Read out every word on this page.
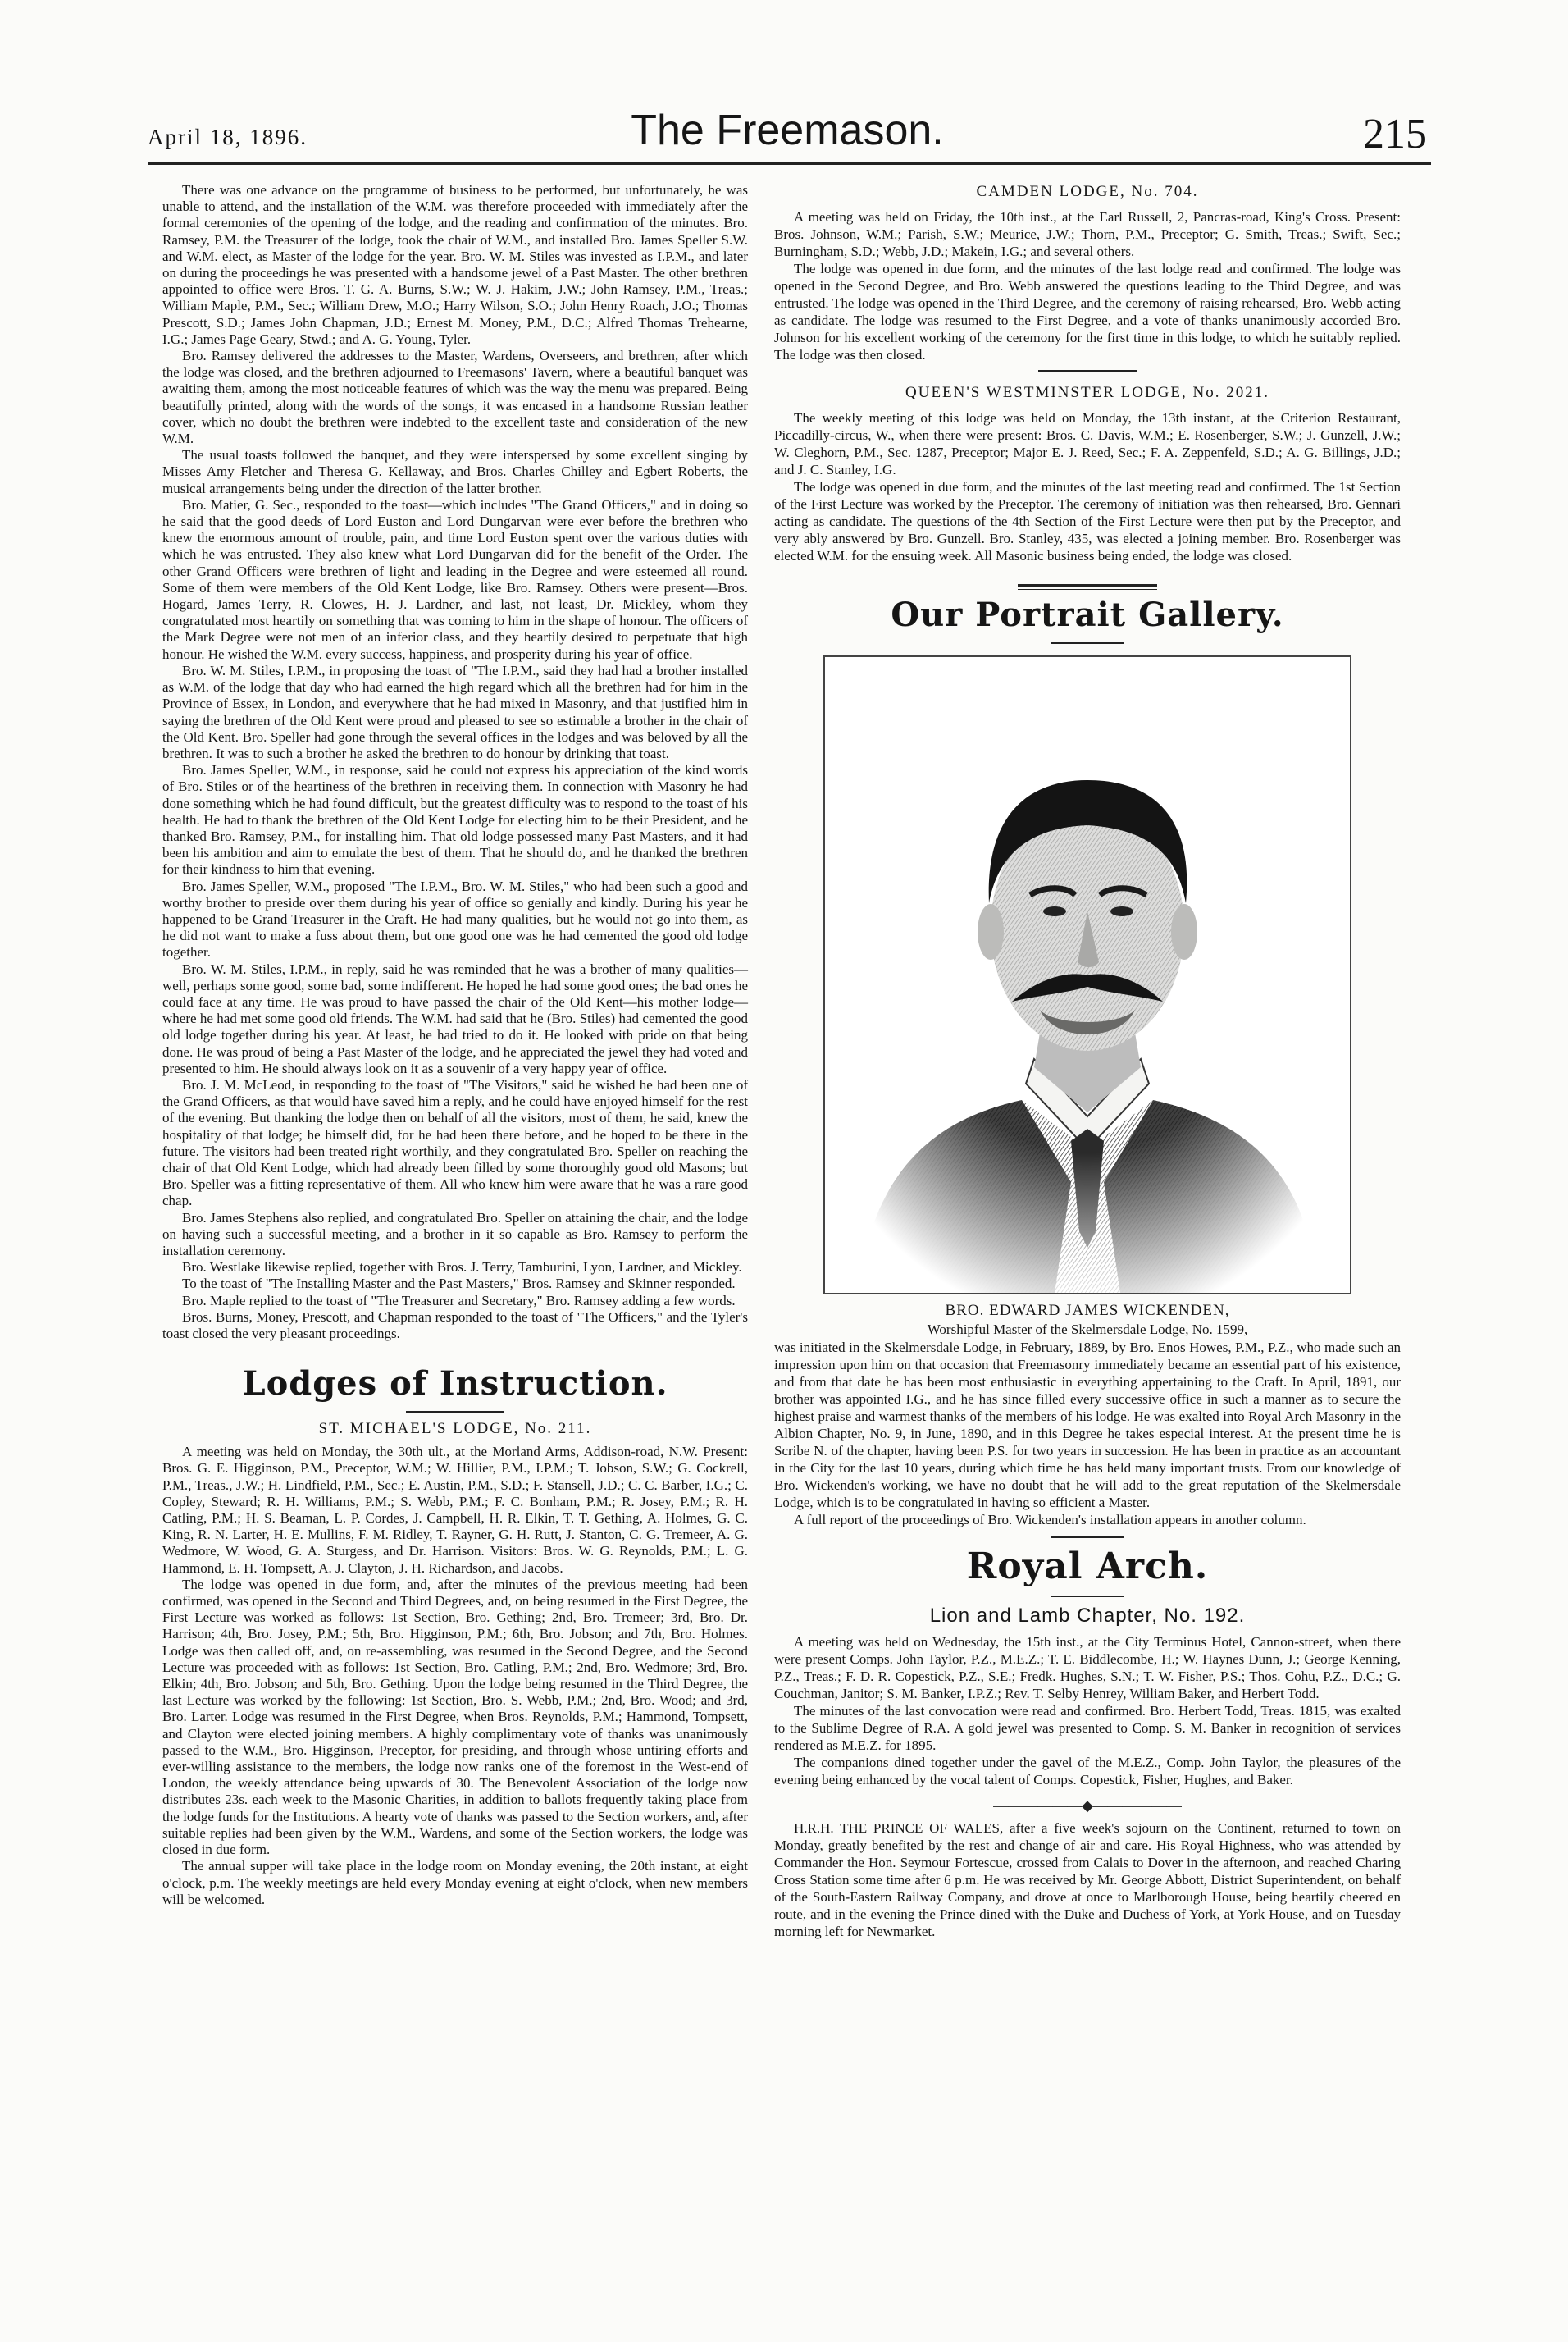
April 18, 1896.	The Freemason.	215

There was one advance on the programme of business to be performed, but unfortunately, he was unable to attend, and the installation of the W.M. was therefore proceeded with immediately after the formal ceremonies of the opening of the lodge, and the reading and confirmation of the minutes. Bro. Ramsey, P.M. the Treasurer of the lodge, took the chair of W.M., and installed Bro. James Speller S.W. and W.M. elect, as Master of the lodge for the year. Bro. W. M. Stiles was invested as I.P.M., and later on during the proceedings he was presented with a handsome jewel of a Past Master. The other brethren appointed to office were Bros. T. G. A. Burns, S.W.; W. J. Hakim, J.W.; John Ramsey, P.M., Treas.; William Maple, P.M., Sec.; William Drew, M.O.; Harry Wilson, S.O.; John Henry Roach, J.O.; Thomas Prescott, S.D.; James John Chapman, J.D.; Ernest M. Money, P.M., D.C.; Alfred Thomas Trehearne, I.G.; James Page Geary, Stwd.; and A. G. Young, Tyler.

Bro. Ramsey delivered the addresses to the Master, Wardens, Overseers, and brethren, after which the lodge was closed, and the brethren adjourned to Freemasons' Tavern, where a beautiful banquet was awaiting them, among the most noticeable features of which was the way the menu was prepared. Being beautifully printed, along with the words of the songs, it was encased in a handsome Russian leather cover, which no doubt the brethren were indebted to the excellent taste and consideration of the new W.M.

The usual toasts followed the banquet, and they were interspersed by some excellent singing by Misses Amy Fletcher and Theresa G. Kellaway, and Bros. Charles Chilley and Egbert Roberts, the musical arrangements being under the direction of the latter brother.

Bro. Matier, G. Sec., responded to the toast—which includes "The Grand Officers," and in doing so he said that the good deeds of Lord Euston and Lord Dungarvan were ever before the brethren who knew the enormous amount of trouble, pain, and time Lord Euston spent over the various duties with which he was entrusted. They also knew what Lord Dungarvan did for the benefit of the Order. The other Grand Officers were brethren of light and leading in the Degree and were esteemed all round. Some of them were members of the Old Kent Lodge, like Bro. Ramsey. Others were present—Bros. Hogard, James Terry, R. Clowes, H. J. Lardner, and last, not least, Dr. Mickley, whom they congratulated most heartily on something that was coming to him in the shape of honour. The officers of the Mark Degree were not men of an inferior class, and they heartily desired to perpetuate that high honour. He wished the W.M. every success, happiness, and prosperity during his year of office.

Bro. W. M. Stiles, I.P.M., in proposing the toast of "The I.P.M., said they had had a brother installed as W.M. of the lodge that day who had earned the high regard which all the brethren had for him in the Province of Essex, in London, and everywhere that he had mixed in Masonry, and that justified him in saying the brethren of the Old Kent were proud and pleased to see so estimable a brother in the chair of the Old Kent. Bro. Speller had gone through the several offices in the lodges and was beloved by all the brethren. It was to such a brother he asked the brethren to do honour by drinking that toast.

Bro. James Speller, W.M., in response, said he could not express his appreciation of the kind words of Bro. Stiles or of the heartiness of the brethren in receiving them. In connection with Masonry he had done something which he had found difficult, but the greatest difficulty was to respond to the toast of his health. He had to thank the brethren of the Old Kent Lodge for electing him to be their President, and he thanked Bro. Ramsey, P.M., for installing him. That old lodge possessed many Past Masters, and it had been his ambition and aim to emulate the best of them. That he should do, and he thanked the brethren for their kindness to him that evening.

Bro. James Speller, W.M., proposed "The I.P.M., Bro. W. M. Stiles," who had been such a good and worthy brother to preside over them during his year of office so genially and kindly. During his year he happened to be Grand Treasurer in the Craft. He had many qualities, but he would not go into them, as he did not want to make a fuss about them, but one good one was he had cemented the good old lodge together.

Bro. W. M. Stiles, I.P.M., in reply, said he was reminded that he was a brother of many qualities—well, perhaps some good, some bad, some indifferent. He hoped he had some good ones; the bad ones he could face at any time. He was proud to have passed the chair of the Old Kent—his mother lodge—where he had met some good old friends. The W.M. had said that he (Bro. Stiles) had cemented the good old lodge together during his year. At least, he had tried to do it. He looked with pride on that being done. He was proud of being a Past Master of the lodge, and he appreciated the jewel they had voted and presented to him. He should always look on it as a souvenir of a very happy year of office.

Bro. J. M. McLeod, in responding to the toast of "The Visitors," said he wished he had been one of the Grand Officers, as that would have saved him a reply, and he could have enjoyed himself for the rest of the evening. But thanking the lodge then on behalf of all the visitors, most of them, he said, knew the hospitality of that lodge; he himself did, for he had been there before, and he hoped to be there in the future. The visitors had been treated right worthily, and they congratulated Bro. Speller on reaching the chair of that Old Kent Lodge, which had already been filled by some thoroughly good old Masons; but Bro. Speller was a fitting representative of them. All who knew him were aware that he was a rare good chap.

Bro. James Stephens also replied, and congratulated Bro. Speller on attaining the chair, and the lodge on having such a successful meeting, and a brother in it so capable as Bro. Ramsey to perform the installation ceremony.

Bro. Westlake likewise replied, together with Bros. J. Terry, Tamburini, Lyon, Lardner, and Mickley.

To the toast of "The Installing Master and the Past Masters," Bros. Ramsey and Skinner responded.

Bro. Maple replied to the toast of "The Treasurer and Secretary," Bro. Ramsey adding a few words.

Bros. Burns, Money, Prescott, and Chapman responded to the toast of "The Officers," and the Tyler's toast closed the very pleasant proceedings.

Lodges of Instruction.
ST. MICHAEL'S LODGE, No. 211.

A meeting was held on Monday, the 30th ult., at the Morland Arms, Addison-road, N.W. Present: Bros. G. E. Higginson, P.M., Preceptor, W.M.; W. Hillier, P.M., I.P.M.; T. Jobson, S.W.; G. Cockrell, P.M., Treas., J.W.; H. Lindfield, P.M., Sec.; E. Austin, P.M., S.D.; F. Stansell, J.D.; C. C. Barber, I.G.; C. Copley, Steward; R. H. Williams, P.M.; S. Webb, P.M.; F. C. Bonham, P.M.; R. Josey, P.M.; R. H. Catling, P.M.; H. S. Beaman, L. P. Cordes, J. Campbell, H. R. Elkin, T. T. Gething, A. Holmes, G. C. King, R. N. Larter, H. E. Mullins, F. M. Ridley, T. Rayner, G. H. Rutt, J. Stanton, C. G. Tremeer, A. G. Wedmore, W. Wood, G. A. Sturgess, and Dr. Harrison. Visitors: Bros. W. G. Reynolds, P.M.; L. G. Hammond, E. H. Tompsett, A. J. Clayton, J. H. Richardson, and Jacobs.

The lodge was opened in due form, and, after the minutes of the previous meeting had been confirmed, was opened in the Second and Third Degrees, and, on being resumed in the First Degree, the First Lecture was worked as follows: 1st Section, Bro. Gething; 2nd, Bro. Tremeer; 3rd, Bro. Dr. Harrison; 4th, Bro. Josey, P.M.; 5th, Bro. Higginson, P.M.; 6th, Bro. Jobson; and 7th, Bro. Holmes. Lodge was then called off, and, on re-assembling, was resumed in the Second Degree, and the Second Lecture was proceeded with as follows: 1st Section, Bro. Catling, P.M.; 2nd, Bro. Wedmore; 3rd, Bro. Elkin; 4th, Bro. Jobson; and 5th, Bro. Gething. Upon the lodge being resumed in the Third Degree, the last Lecture was worked by the following: 1st Section, Bro. S. Webb, P.M.; 2nd, Bro. Wood; and 3rd, Bro. Larter. Lodge was resumed in the First Degree, when Bros. Reynolds, P.M.; Hammond, Tompsett, and Clayton were elected joining members. A highly complimentary vote of thanks was unanimously passed to the W.M., Bro. Higginson, Preceptor, for presiding, and through whose untiring efforts and ever-willing assistance to the members, the lodge now ranks one of the foremost in the West-end of London, the weekly attendance being upwards of 30. The Benevolent Association of the lodge now distributes 23s. each week to the Masonic Charities, in addition to ballots frequently taking place from the lodge funds for the Institutions. A hearty vote of thanks was passed to the Section workers, and, after suitable replies had been given by the W.M., Wardens, and some of the Section workers, the lodge was closed in due form.

The annual supper will take place in the lodge room on Monday evening, the 20th instant, at eight o'clock, p.m. The weekly meetings are held every Monday evening at eight o'clock, when new members will be welcomed.

CAMDEN LODGE, No. 704.

A meeting was held on Friday, the 10th inst., at the Earl Russell, 2, Pancras-road, King's Cross. Present: Bros. Johnson, W.M.; Parish, S.W.; Meurice, J.W.; Thorn, P.M., Preceptor; G. Smith, Treas.; Swift, Sec.; Burningham, S.D.; Webb, J.D.; Makein, I.G.; and several others.

The lodge was opened in due form, and the minutes of the last lodge read and confirmed. The lodge was opened in the Second Degree, and Bro. Webb answered the questions leading to the Third Degree, and was entrusted. The lodge was opened in the Third Degree, and the ceremony of raising rehearsed, Bro. Webb acting as candidate. The lodge was resumed to the First Degree, and a vote of thanks unanimously accorded Bro. Johnson for his excellent working of the ceremony for the first time in this lodge, to which he suitably replied. The lodge was then closed.

QUEEN'S WESTMINSTER LODGE, No. 2021.

The weekly meeting of this lodge was held on Monday, the 13th instant, at the Criterion Restaurant, Piccadilly-circus, W., when there were present: Bros. C. Davis, W.M.; E. Rosenberger, S.W.; J. Gunzell, J.W.; W. Cleghorn, P.M., Sec. 1287, Preceptor; Major E. J. Reed, Sec.; F. A. Zeppenfeld, S.D.; A. G. Billings, J.D.; and J. C. Stanley, I.G.

The lodge was opened in due form, and the minutes of the last meeting read and confirmed. The 1st Section of the First Lecture was worked by the Preceptor. The ceremony of initiation was then rehearsed, Bro. Gennari acting as candidate. The questions of the 4th Section of the First Lecture were then put by the Preceptor, and very ably answered by Bro. Gunzell. Bro. Stanley, 435, was elected a joining member. Bro. Rosenberger was elected W.M. for the ensuing week. All Masonic business being ended, the lodge was closed.

Our Portrait Gallery.
BRO. EDWARD JAMES WICKENDEN,
Worshipful Master of the Skelmersdale Lodge, No. 1599,

was initiated in the Skelmersdale Lodge, in February, 1889, by Bro. Enos Howes, P.M., P.Z., who made such an impression upon him on that occasion that Freemasonry immediately became an essential part of his existence, and from that date he has been most enthusiastic in everything appertaining to the Craft. In April, 1891, our brother was appointed I.G., and he has since filled every successive office in such a manner as to secure the highest praise and warmest thanks of the members of his lodge. He was exalted into Royal Arch Masonry in the Albion Chapter, No. 9, in June, 1890, and in this Degree he takes especial interest. At the present time he is Scribe N. of the chapter, having been P.S. for two years in succession. He has been in practice as an accountant in the City for the last 10 years, during which time he has held many important trusts. From our knowledge of Bro. Wickenden's working, we have no doubt that he will add to the great reputation of the Skelmersdale Lodge, which is to be congratulated in having so efficient a Master.

A full report of the proceedings of Bro. Wickenden's installation appears in another column.

Royal Arch.
Lion and Lamb Chapter, No. 192.

A meeting was held on Wednesday, the 15th inst., at the City Terminus Hotel, Cannon-street, when there were present Comps. John Taylor, P.Z., M.E.Z.; T. E. Biddlecombe, H.; W. Haynes Dunn, J.; George Kenning, P.Z., Treas.; F. D. R. Copestick, P.Z., S.E.; Fredk. Hughes, S.N.; T. W. Fisher, P.S.; Thos. Cohu, P.Z., D.C.; G. Couchman, Janitor; S. M. Banker, I.P.Z.; Rev. T. Selby Henrey, William Baker, and Herbert Todd.

The minutes of the last convocation were read and confirmed. Bro. Herbert Todd, Treas. 1815, was exalted to the Sublime Degree of R.A. A gold jewel was presented to Comp. S. M. Banker in recognition of services rendered as M.E.Z. for 1895.

The companions dined together under the gavel of the M.E.Z., Comp. John Taylor, the pleasures of the evening being enhanced by the vocal talent of Comps. Copestick, Fisher, Hughes, and Baker.

——————◆——————

H.R.H. THE PRINCE OF WALES, after a five week's sojourn on the Continent, returned to town on Monday, greatly benefited by the rest and change of air and care. His Royal Highness, who was attended by Commander the Hon. Seymour Fortescue, crossed from Calais to Dover in the afternoon, and reached Charing Cross Station some time after 6 p.m. He was received by Mr. George Abbott, District Superintendent, on behalf of the South-Eastern Railway Company, and drove at once to Marlborough House, being heartily cheered en route, and in the evening the Prince dined with the Duke and Duchess of York, at York House, and on Tuesday morning left for Newmarket.
